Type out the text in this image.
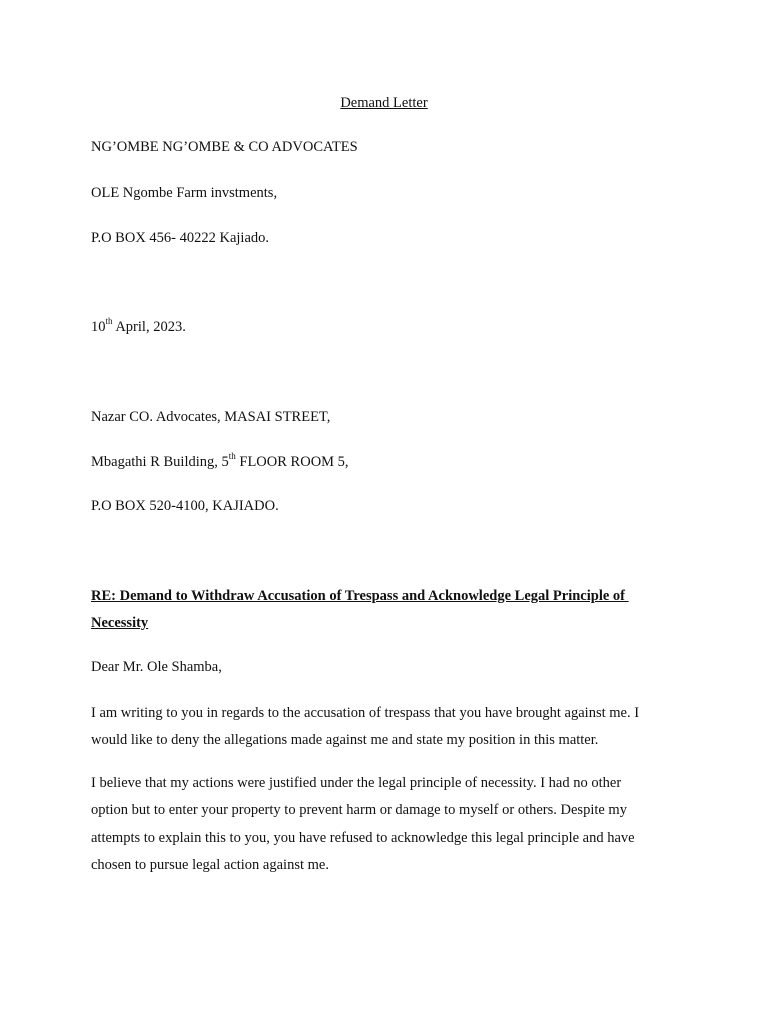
Demand Letter
NG’OMBE NG’OMBE & CO ADVOCATES
OLE Ngombe Farm invstments,
P.O BOX 456- 40222 Kajiado.
10th April, 2023.
Nazar CO. Advocates, MASAI STREET,
Mbagathi R Building, 5th FLOOR ROOM 5,
P.O BOX 520-4100, KAJIADO.
RE: Demand to Withdraw Accusation of Trespass and Acknowledge Legal Principle of
Necessity
Dear Mr. Ole Shamba,
I am writing to you in regards to the accusation of trespass that you have brought against me. I
would like to deny the allegations made against me and state my position in this matter.
I believe that my actions were justified under the legal principle of necessity. I had no other
option but to enter your property to prevent harm or damage to myself or others. Despite my
attempts to explain this to you, you have refused to acknowledge this legal principle and have
chosen to pursue legal action against me.
